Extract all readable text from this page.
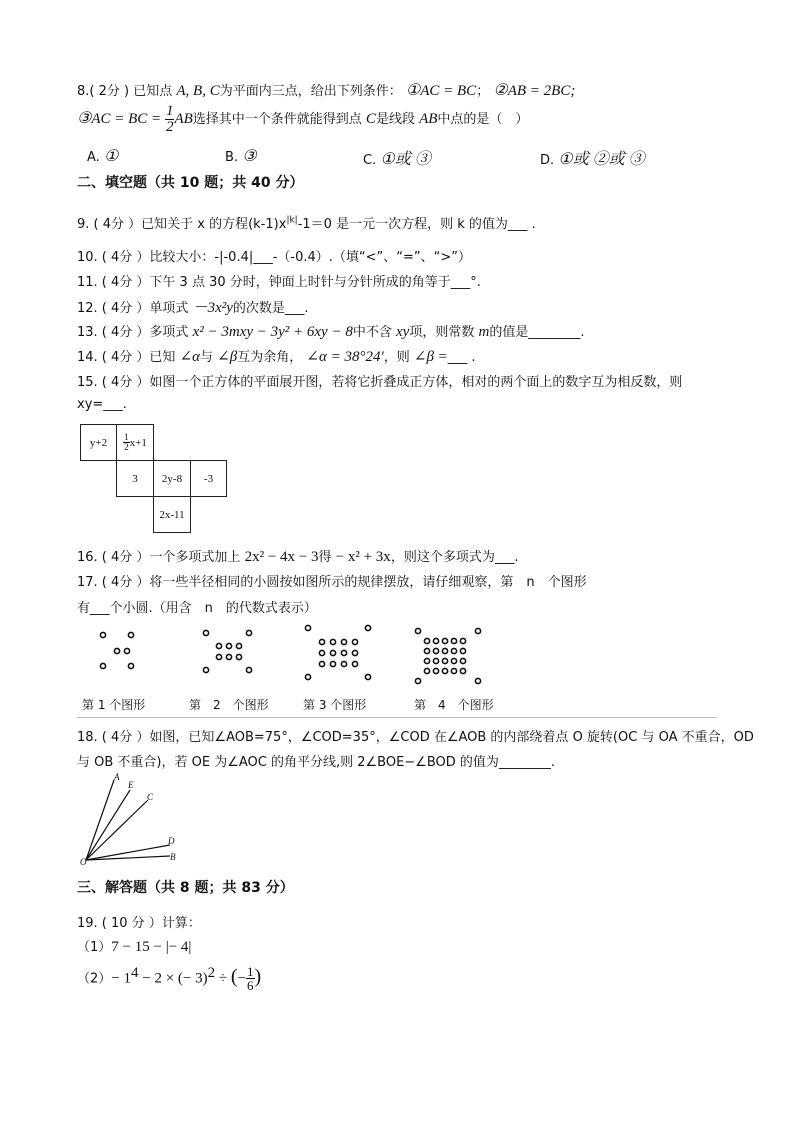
8.( 2分 ) 已知点 A, B, C为平面内三点，给出下列条件： ①AC = BC； ②AB = 2BC;
③AC = BC = $\frac{1}{2}$ AB选择其中一个条件就能得到点 C是线段 AB中点的是（　）
A. ①	B. ③	C. ①或 ③	D. ①或 ②或 ③
二、填空题（共 10 题；共 40 分）
9. ( 4分 ）已知关于 x 的方程$(k-1)x^{|k|}-1=0$ 是一元一次方程，则 k 的值为___ .
10. ( 4分 ）比较大小：-|-0.4|___-（-0.4）.（填“<”、“=”、“>”）
11. ( 4分 ）下午 3 点 30 分时，钟面上时针与分针所成的角等于___°.
12. ( 4分 ）单项式 －3x²y的次数是___.
13. ( 4分 ）多项式 x² − 3mxy − 3y² + 6xy − 8中不含 xy项，则常数 m的值是________.
14. ( 4分 ）已知 ∠α与 ∠β互为余角， ∠α = 38°24′，则 ∠β =___ .
15. ( 4分 ）如图一个正方体的平面展开图，若将它折叠成正方体，相对的两个面上的数字互为相反数，则
xy=___.
y+2	$\frac{1}{2} x+1$
3	2y-8	-3
2x-11
16. ( 4分 ）一个多项式加上 2x² − 4x − 3得 − x² + 3x，则这个多项式为___.
17. ( 4分 ）将一些半径相同的小圆按如图所示的规律摆放，请仔细观察，第　n　个图形
有___个小圆.（用含　n　的代数式表示）
第 1 个图形	第　2　个图形	第 3 个图形	第　4　个图形
18. ( 4分 ）如图，已知∠AOB=75°，∠COD=35°，∠COD 在∠AOB 的内部绕着点 O 旋转(OC 与 OA 不重合，OD
与 OB 不重合)，若 OE 为∠AOC 的角平分线,则 2∠BOE−∠BOD 的值为________.
A
E
C
D
B
O
三、解答题（共 8 题；共 83 分）
19. ( 10 分 ）计算：
（1）7 − 15 − |− 4|
$(2)- 1^4 - 2$ × (− 3)$^2$ ÷ (− $\frac{1}{6}$ )
